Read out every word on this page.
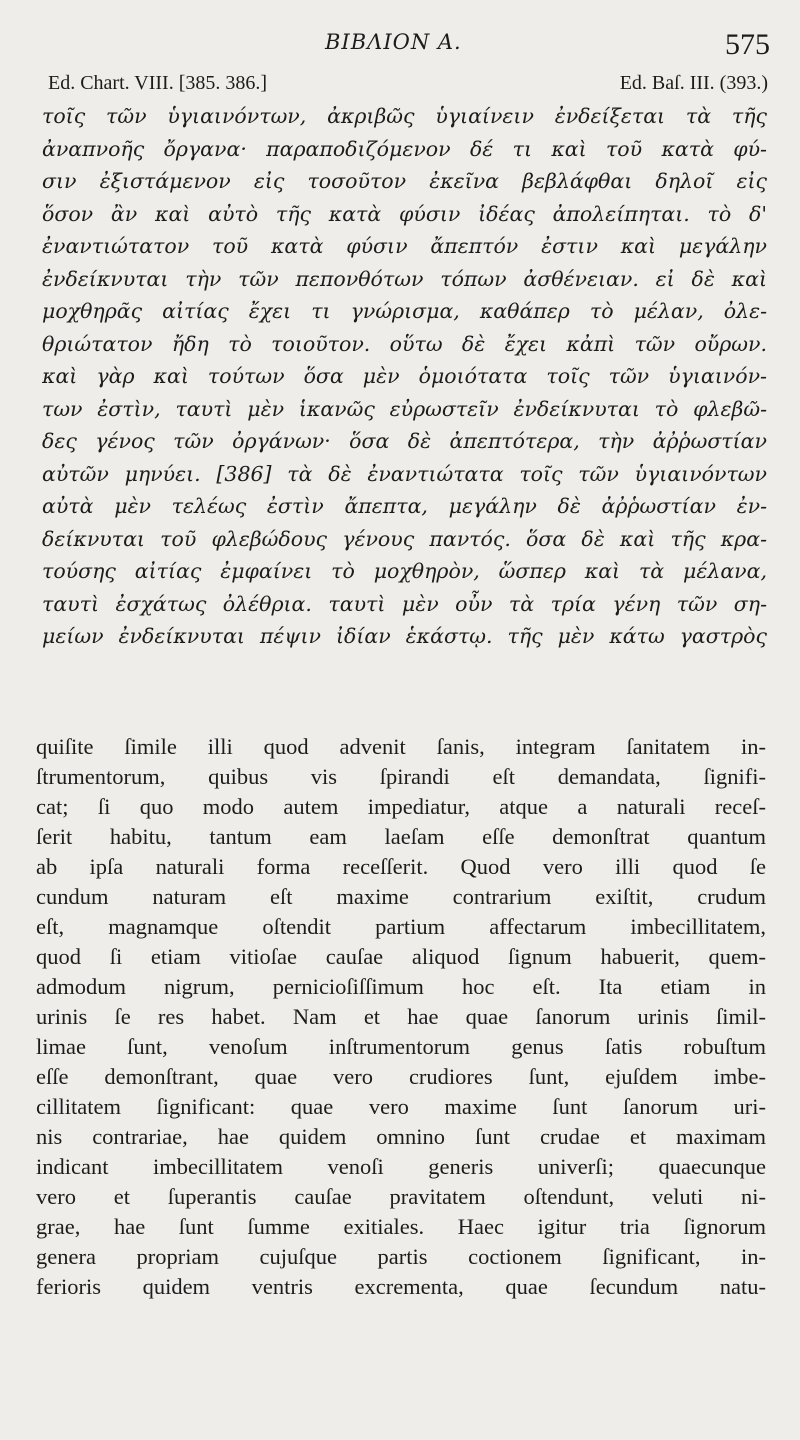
ΒΙΒΛΙΟΝ Α.	575
Ed. Chart. VIII. [385. 386.]	Ed. Baſ. III. (393.)
τοῖς τῶν ὑγιαινόντων, ἀκριβῶς ὑγιαίνειν ἐνδείξεται τὰ τῆς
ἀναπνοῆς ὄργανα· παραποδιζόμενον δέ τι καὶ τοῦ κατὰ φύ-
σιν ἐξιστάμενον εἰς τοσοῦτον ἐκεῖνα βεβλάφθαι δηλοῖ εἰς
ὅσον ἂν καὶ αὐτὸ τῆς κατὰ φύσιν ἰδέας ἀπολείπηται. τὸ δ'
ἐναντιώτατον τοῦ κατὰ φύσιν ἄπεπτόν ἐστιν καὶ μεγάλην
ἐνδείκνυται τὴν τῶν πεπονθότων τόπων ἀσθένειαν. εἰ δὲ καὶ
μοχθηρᾶς αἰτίας ἔχει τι γνώρισμα, καθάπερ τὸ μέλαν, ὀλε-
θριώτατον ἤδη τὸ τοιοῦτον. οὕτω δὲ ἔχει κἀπὶ τῶν οὔρων.
καὶ γὰρ καὶ τούτων ὅσα μὲν ὁμοιότατα τοῖς τῶν ὑγιαινόν-
των ἐστὶν, ταυτὶ μὲν ἱκανῶς εὐρωστεῖν ἐνδείκνυται τὸ φλεβῶ-
δες γένος τῶν ὀργάνων· ὅσα δὲ ἀπεπτότερα, τὴν ἀῤῥωστίαν
αὐτῶν μηνύει. [386] τὰ δὲ ἐναντιώτατα τοῖς τῶν ὑγιαινόντων
αὐτὰ μὲν τελέως ἐστὶν ἄπεπτα, μεγάλην δὲ ἀῤῥωστίαν ἐν-
δείκνυται τοῦ φλεβώδους γένους παντός. ὅσα δὲ καὶ τῆς κρα-
τούσης αἰτίας ἐμφαίνει τὸ μοχθηρὸν, ὥσπερ καὶ τὰ μέλανα,
ταυτὶ ἐσχάτως ὀλέθρια. ταυτὶ μὲν οὖν τὰ τρία γένη τῶν ση-
μείων ἐνδείκνυται πέψιν ἰδίαν ἑκάστῳ. τῆς μὲν κάτω γαστρὸς
quiſite ſimile illi quod advenit ſanis, integram ſanitatem in-
ſtrumentorum, quibus vis ſpirandi eſt demandata, ſignifi-
cat; ſi quo modo autem impediatur, atque a naturali receſ-
ſerit habitu, tantum eam laeſam eſſe demonſtrat quantum
ab ipſa naturali forma receſſerit. Quod vero illi quod ſe
cundum naturam eſt maxime contrarium exiſtit, crudum
eſt, magnamque oſtendit partium affectarum imbecillitatem,
quod ſi etiam vitioſae cauſae aliquod ſignum habuerit, quem-
admodum nigrum, pernicioſiſſimum hoc eſt. Ita etiam in
urinis ſe res habet. Nam et hae quae ſanorum urinis ſimil-
limae ſunt, venoſum inſtrumentorum genus ſatis robuſtum
eſſe demonſtrant, quae vero crudiores ſunt, ejuſdem imbe-
cillitatem ſignificant: quae vero maxime ſunt ſanorum uri-
nis contrariae, hae quidem omnino ſunt crudae et maximam
indicant imbecillitatem venoſi generis univerſi; quaecunque
vero et ſuperantis cauſae pravitatem oſtendunt, veluti ni-
grae, hae ſunt ſumme exitiales. Haec igitur tria ſignorum
genera propriam cujuſque partis coctionem ſignificant, in-
ferioris quidem ventris excrementa, quae ſecundum natu-
